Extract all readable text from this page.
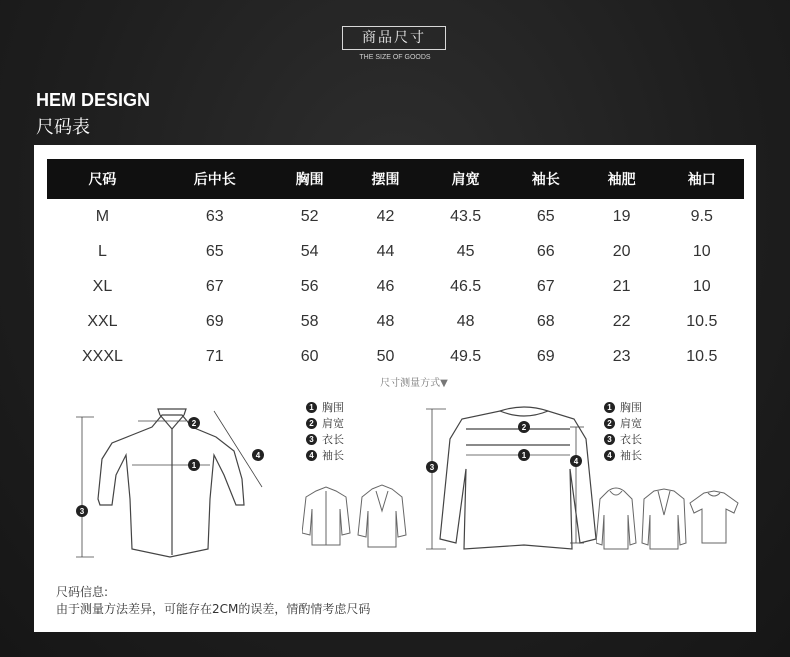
商品尺寸
THE SIZE OF GOODS
HEM DESIGN
尺码表
尺码	后中长	胸围	摆围	肩宽	袖长	袖肥	袖口
M	63	52	42	43.5	65	19	9.5
L	65	54	44	45	66	20	10
XL	67	56	46	46.5	67	21	10
XXL	69	58	48	48	68	22	10.5
XXXL	71	60	50	49.5	69	23	10.5
尺寸测量方式▼
2
1
3
4
1 胸围
2 肩宽
3 衣长
4 袖长
2
1
3
4
1 胸围
2 肩宽
3 衣长
4 袖长
尺码信息:
由于测量方法差异，可能存在2CM的误差，情酌情考虑尺码
